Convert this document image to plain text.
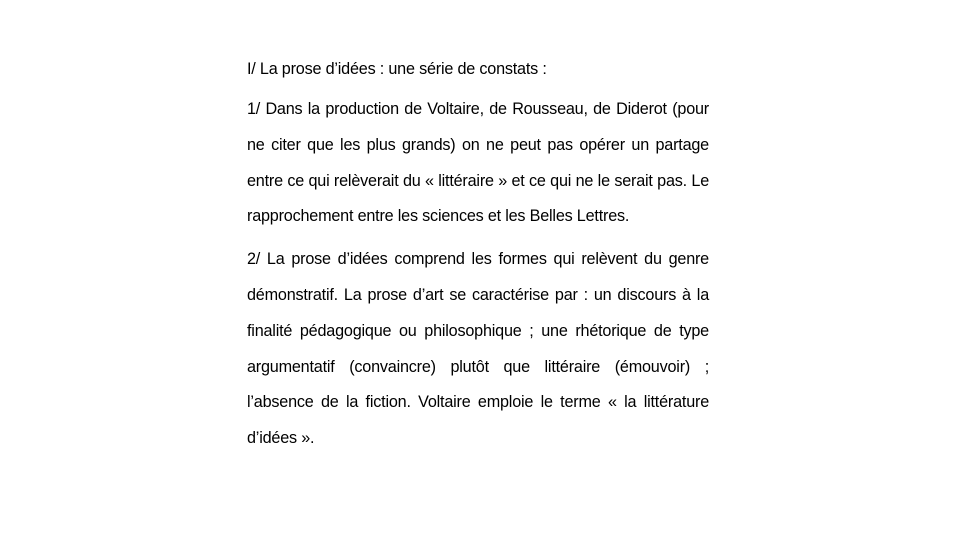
I/ La prose d’idées : une série de constats :

1/ Dans la production de Voltaire, de Rousseau, de Diderot (pour ne citer que les plus grands) on ne peut pas opérer un partage entre ce qui relèverait du « littéraire » et ce qui ne le serait pas. Le rapprochement entre les sciences et les Belles Lettres.

2/ La prose d’idées comprend les formes qui relèvent du genre démonstratif. La prose d’art se caractérise par : un discours à la finalité pédagogique ou philosophique ; une rhétorique de type argumentatif (convaincre) plutôt que littéraire (émouvoir) ; l’absence de la fiction. Voltaire emploie le terme « la littérature d’idées ».
